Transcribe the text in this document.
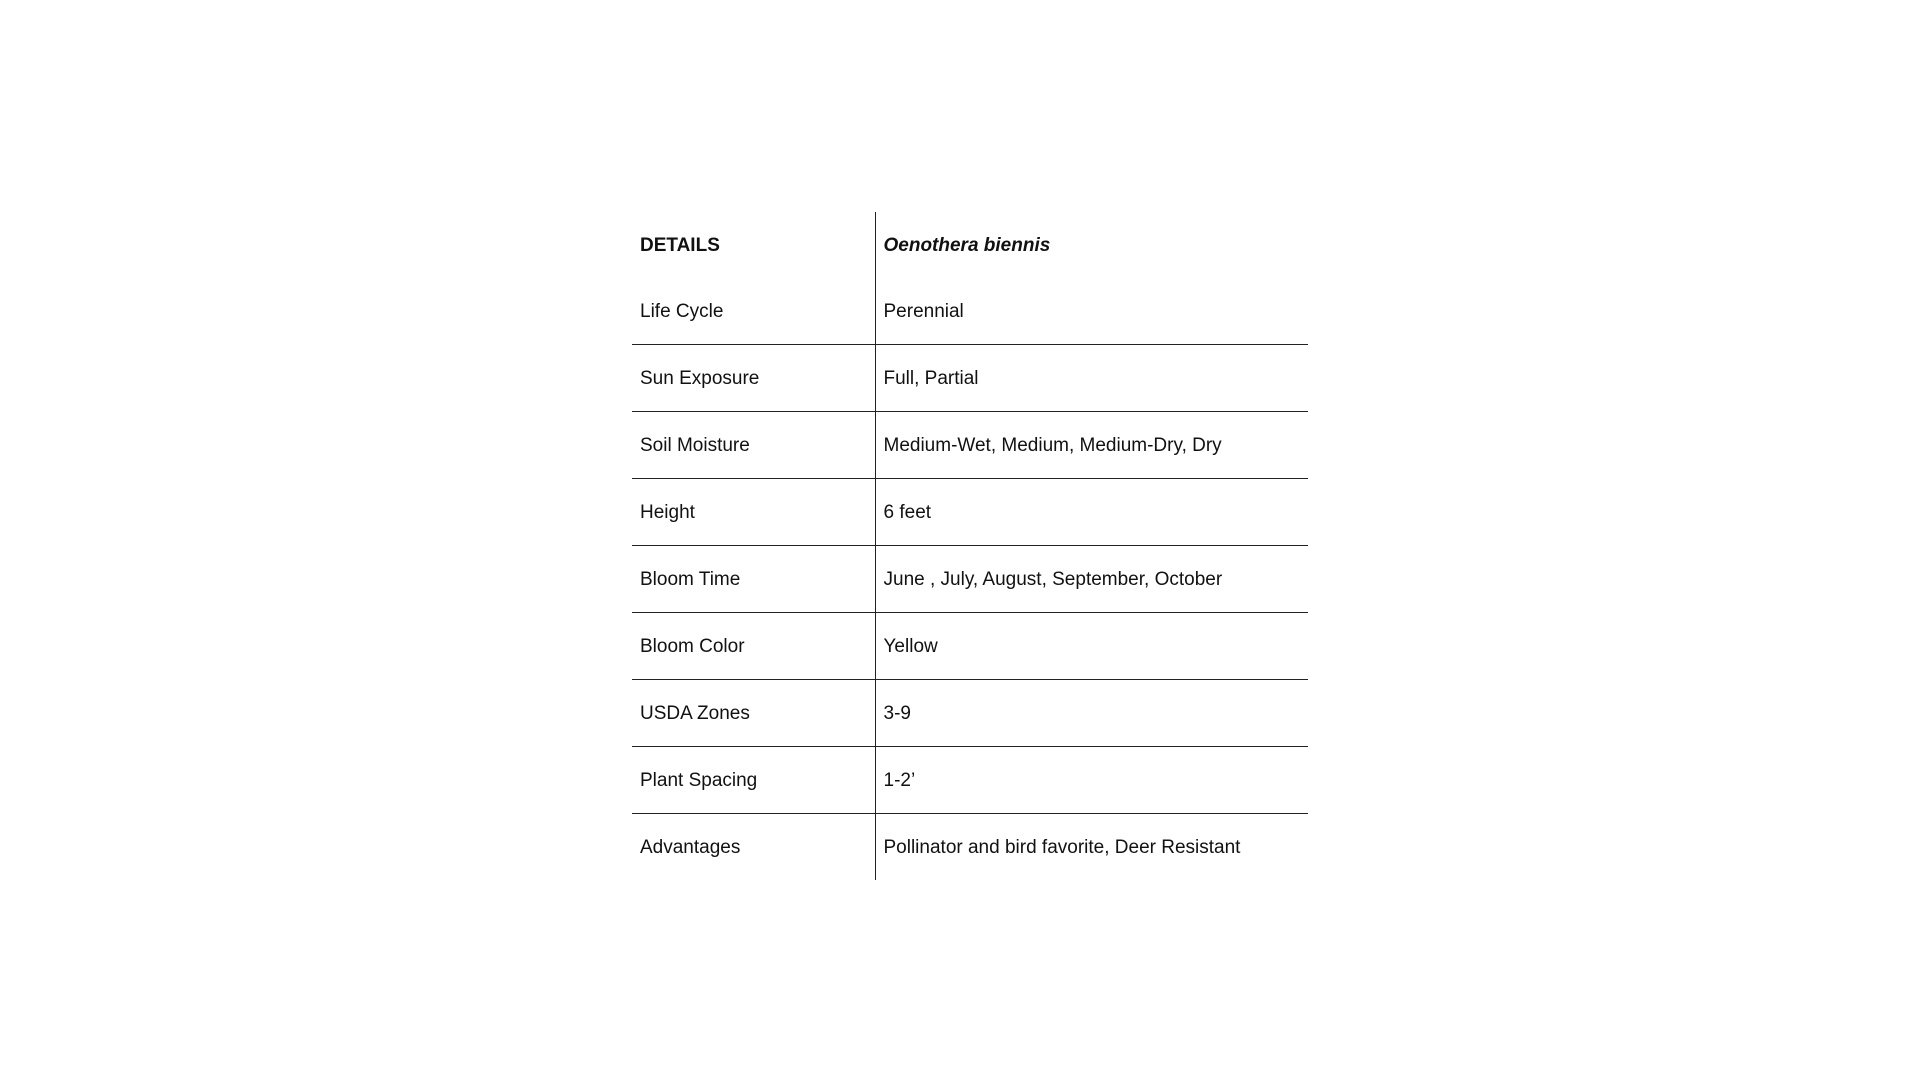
DETAILS	Oenothera biennis
Life Cycle	Perennial
Sun Exposure	Full, Partial
Soil Moisture	Medium-Wet, Medium, Medium-Dry, Dry
Height	6 feet
Bloom Time	June , July, August, September, October
Bloom Color	Yellow
USDA Zones	3-9
Plant Spacing	1-2’
Advantages	Pollinator and bird favorite, Deer Resistant
